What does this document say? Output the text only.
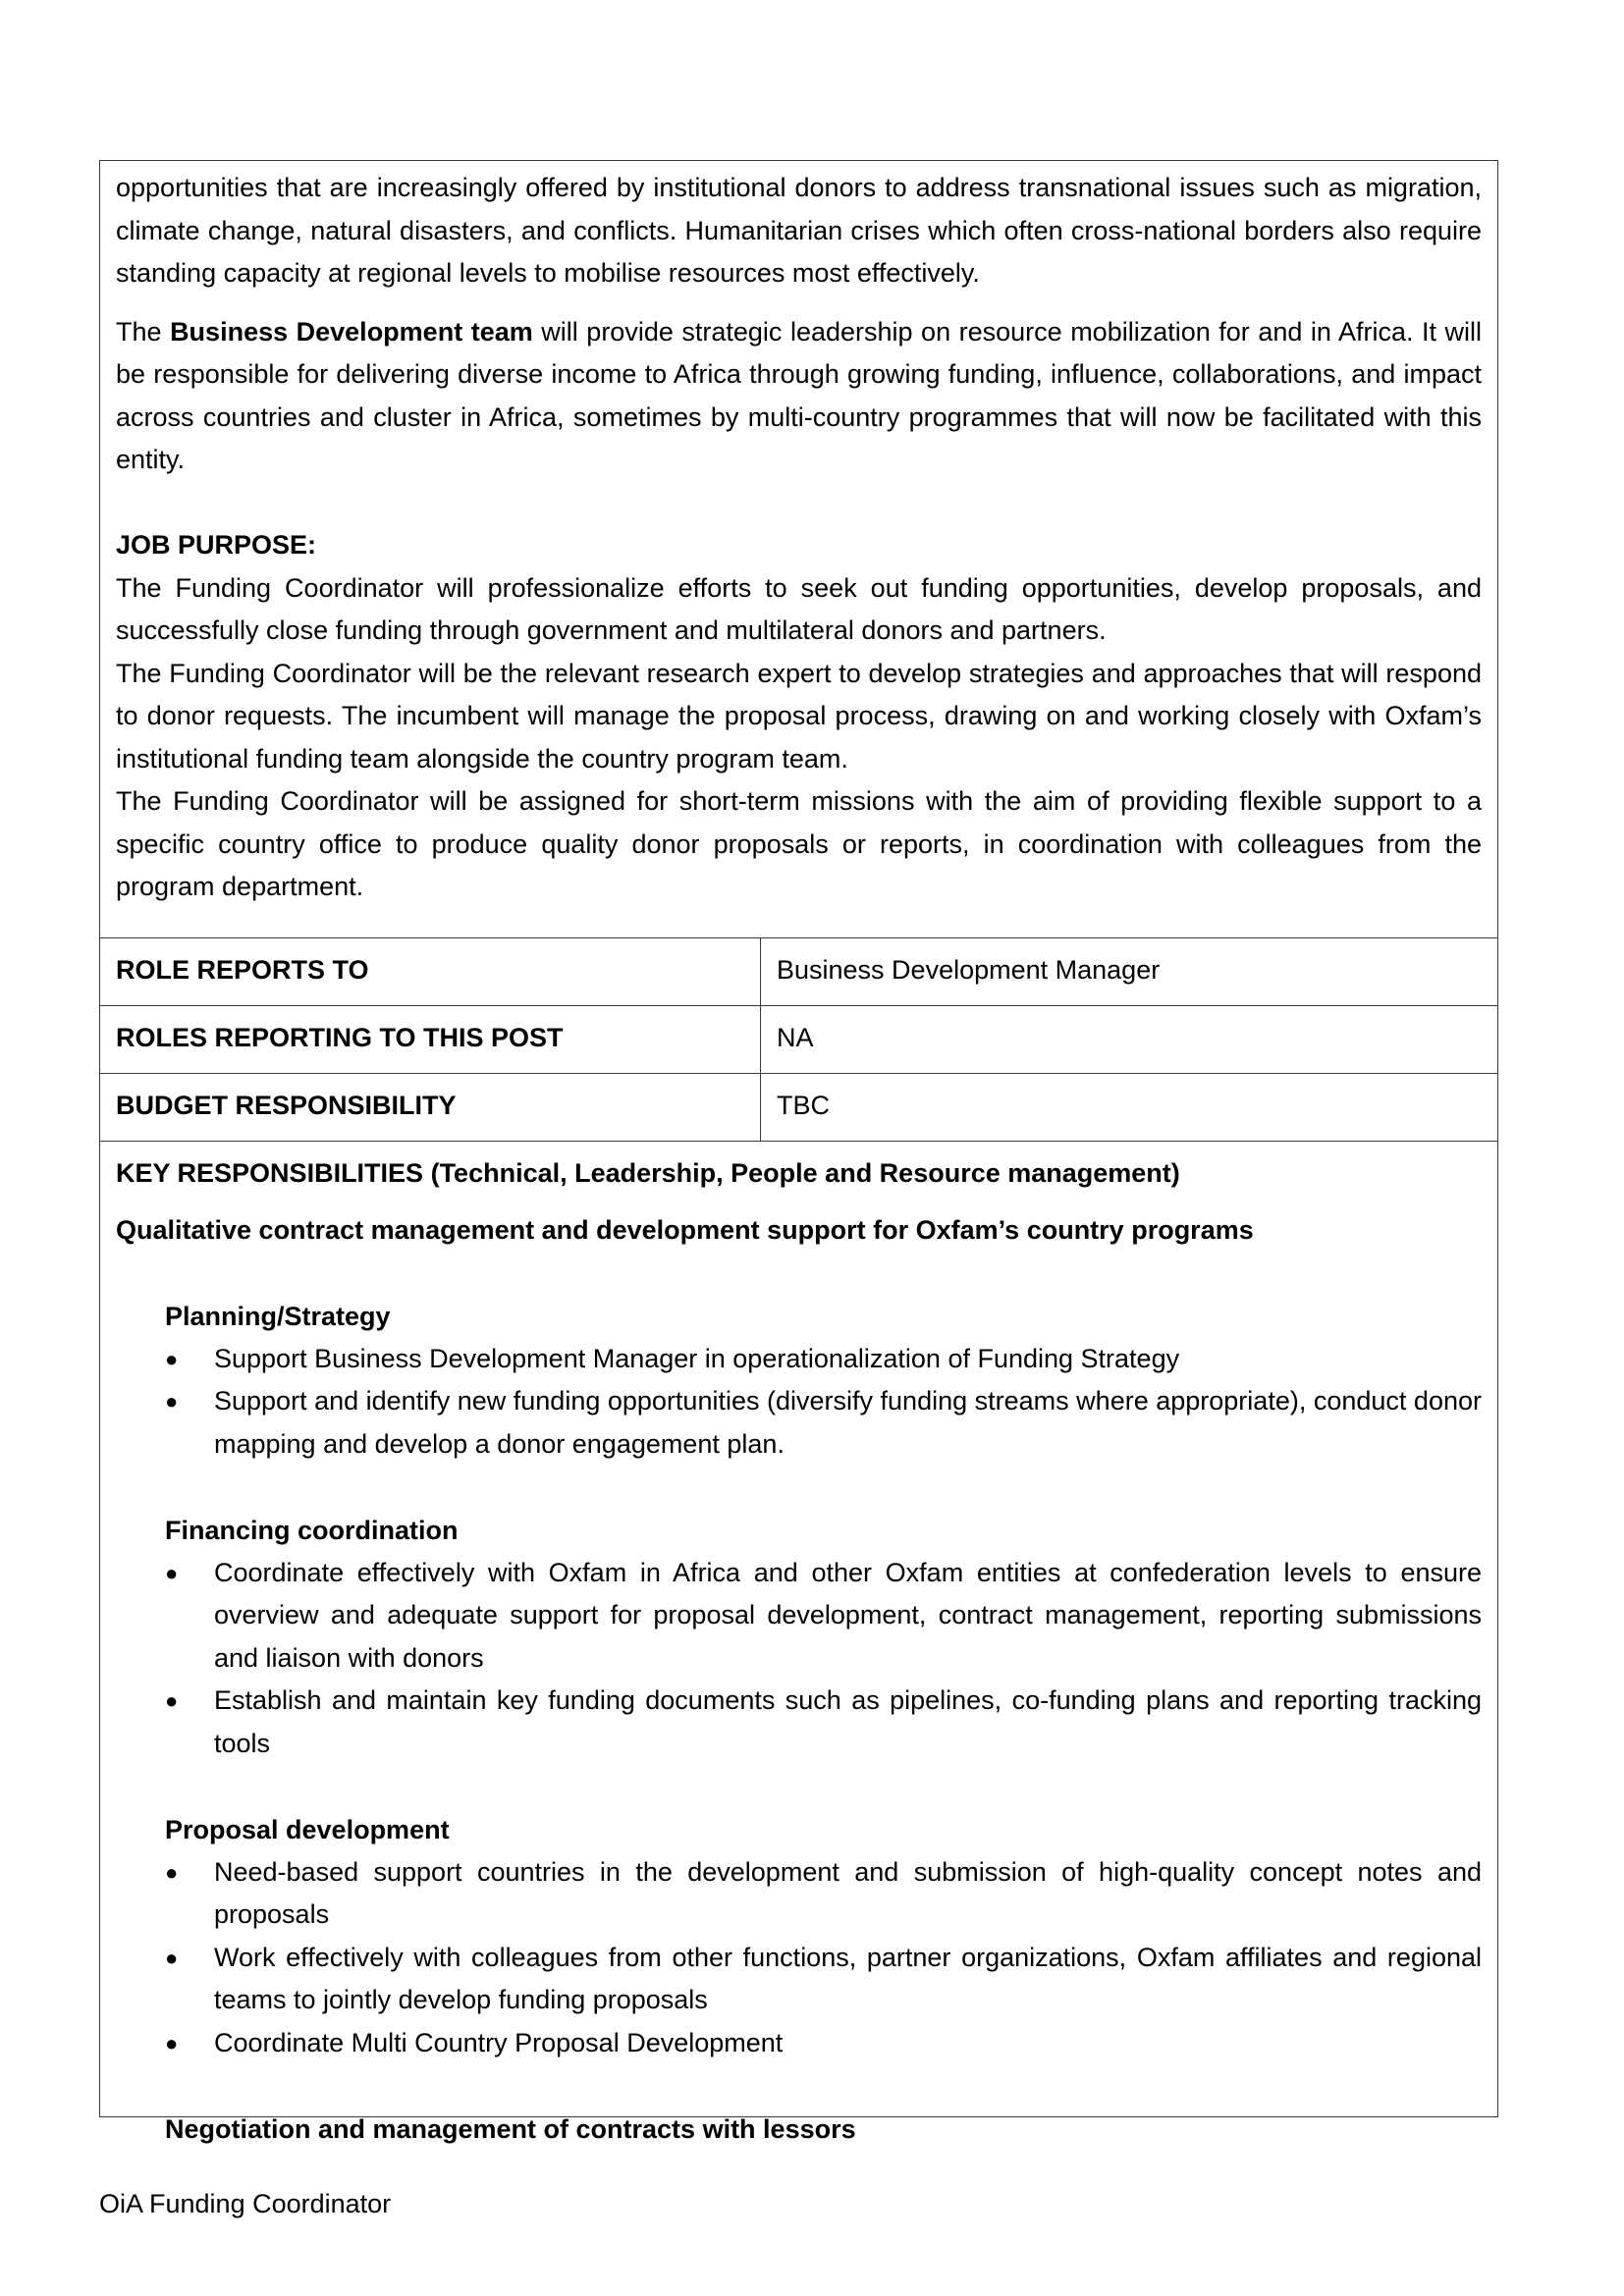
opportunities that are increasingly offered by institutional donors to address transnational issues such as migration, climate change, natural disasters, and conflicts. Humanitarian crises which often cross-national borders also require standing capacity at regional levels to mobilise resources most effectively.

The Business Development team will provide strategic leadership on resource mobilization for and in Africa. It will be responsible for delivering diverse income to Africa through growing funding, influence, collaborations, and impact across countries and cluster in Africa, sometimes by multi-country programmes that will now be facilitated with this entity.

JOB PURPOSE:

The Funding Coordinator will professionalize efforts to seek out funding opportunities, develop proposals, and successfully close funding through government and multilateral donors and partners.

The Funding Coordinator will be the relevant research expert to develop strategies and approaches that will respond to donor requests. The incumbent will manage the proposal process, drawing on and working closely with Oxfam’s institutional funding team alongside the country program team.

The Funding Coordinator will be assigned for short-term missions with the aim of providing flexible support to a specific country office to produce quality donor proposals or reports, in coordination with colleagues from the program department.

ROLE REPORTS TO	Business Development Manager
ROLES REPORTING TO THIS POST	NA
BUDGET RESPONSIBILITY	TBC
KEY RESPONSIBILITIES (Technical, Leadership, People and Resource management)
Qualitative contract management and development support for Oxfam’s country programs
Planning/Strategy
● Support Business Development Manager in operationalization of Funding Strategy
● Support and identify new funding opportunities (diversify funding streams where appropriate), conduct donor mapping and develop a donor engagement plan.
Financing coordination
● Coordinate effectively with Oxfam in Africa and other Oxfam entities at confederation levels to ensure overview and adequate support for proposal development, contract management, reporting submissions and liaison with donors
● Establish and maintain key funding documents such as pipelines, co-funding plans and reporting tracking tools
Proposal development
● Need-based support countries in the development and submission of high-quality concept notes and proposals
● Work effectively with colleagues from other functions, partner organizations, Oxfam affiliates and regional teams to jointly develop funding proposals
● Coordinate Multi Country Proposal Development
Negotiation and management of contracts with lessors
OiA Funding Coordinator
